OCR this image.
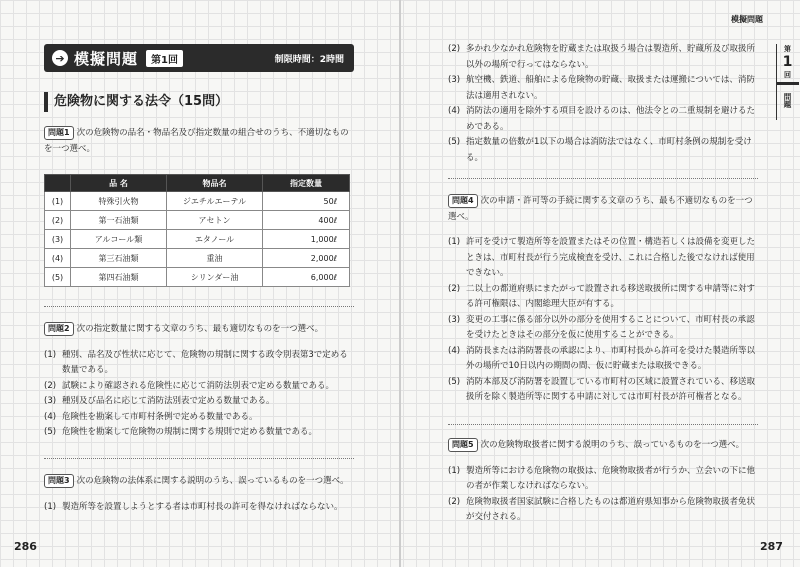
➔ 模擬問題	第1回	制限時間：2時間
危険物に関する法令（15問）
問題1 次の危険物の品名・物品名及び指定数量の組合せのうち、不適切なものを一つ選べ。
	品 名	物品名	指定数量
(1)	特殊引火物	ジエチルエーテル	50ℓ
(2)	第一石油類	アセトン	400ℓ
(3)	アルコール類	エタノール	1,000ℓ
(4)	第三石油類	重油	2,000ℓ
(5)	第四石油類	シリンダー油	6,000ℓ
問題2 次の指定数量に関する文章のうち、最も適切なものを一つ選べ。
(1) 種別、品名及び性状に応じて、危険物の規制に関する政令別表第3で定める数量である。
(2) 試験により確認される危険性に応じて消防法別表で定める数量である。
(3) 種別及び品名に応じて消防法別表で定める数量である。
(4) 危険性を勘案して市町村条例で定める数量である。
(5) 危険性を勘案して危険物の規制に関する規則で定める数量である。
問題3 次の危険物の法体系に関する説明のうち、誤っているものを一つ選べ。
(1) 製造所等を設置しようとする者は市町村長の許可を得なければならない。
286
模擬問題
第
1
回
問題
(2) 多かれ少なかれ危険物を貯蔵または取扱う場合は製造所、貯蔵所及び取扱所以外の場所で行ってはならない。
(3) 航空機、鉄道、船舶による危険物の貯蔵、取扱または運搬については、消防法は適用されない。
(4) 消防法の適用を除外する項目を設けるのは、他法令との二重規制を避けるためである。
(5) 指定数量の倍数が1以下の場合は消防法ではなく、市町村条例の規制を受ける。
問題4 次の申請・許可等の手続に関する文章のうち、最も不適切なものを一つ選べ。
(1) 許可を受けて製造所等を設置またはその位置・構造若しくは設備を変更したときは、市町村長が行う完成検査を受け、これに合格した後でなければ使用できない。
(2) 二以上の都道府県にまたがって設置される移送取扱所に関する申請等に対する許可権限は、内閣総理大臣が有する。
(3) 変更の工事に係る部分以外の部分を使用することについて、市町村長の承認を受けたときはその部分を仮に使用することができる。
(4) 消防長または消防署長の承認により、市町村長から許可を受けた製造所等以外の場所で10日以内の期間の間、仮に貯蔵または取扱できる。
(5) 消防本部及び消防署を設置している市町村の区域に設置されている、移送取扱所を除く製造所等に関する申請に対しては市町村長が許可権者となる。
問題5 次の危険物取扱者に関する説明のうち、誤っているものを一つ選べ。
(1) 製造所等における危険物の取扱は、危険物取扱者が行うか、立会いの下に他の者が作業しなければならない。
(2) 危険物取扱者国家試験に合格したものは都道府県知事から危険物取扱者免状が交付される。
287
